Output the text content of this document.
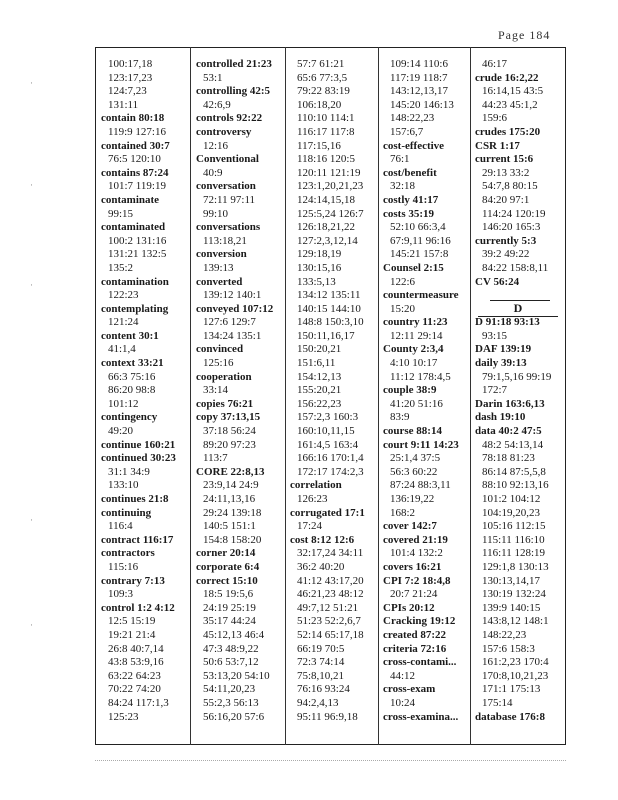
Page 184
100:17,18
123:17,23
124:7,23
131:11
contain 80:18
119:9 127:16
contained 30:7
76:5 120:10
contains 87:24
101:7 119:19
contaminate
99:15
contaminated
100:2 131:16
131:21 132:5
135:2
contamination
122:23
contemplating
121:24
content 30:1
41:1,4
context 33:21
66:3 75:16
86:20 98:8
101:12
contingency
49:20
continue 160:21
continued 30:23
31:1 34:9
133:10
continues 21:8
continuing
116:4
contract 116:17
contractors
115:16
contrary 7:13
109:3
control 1:2 4:12
12:5 15:19
19:21 21:4
26:8 40:7,14
43:8 53:9,16
63:22 64:23
70:22 74:20
84:24 117:1,3
125:23
controlled 21:23
53:1
controlling 42:5
42:6,9
controls 92:22
controversy
12:16
Conventional
40:9
conversation
72:11 97:11
99:10
conversations
113:18,21
conversion
139:13
converted
139:12 140:1
conveyed 107:12
127:6 129:7
134:24 135:1
convinced
125:16
cooperation
33:14
copies 76:21
copy 37:13,15
37:18 56:24
89:20 97:23
113:7
CORE 22:8,13
23:9,14 24:9
24:11,13,16
29:24 139:18
140:5 151:1
154:8 158:20
corner 20:14
corporate 6:4
correct 15:10
18:5 19:5,6
24:19 25:19
35:17 44:24
45:12,13 46:4
47:3 48:9,22
50:6 53:7,12
53:13,20 54:10
54:11,20,23
55:2,3 56:13
56:16,20 57:6
57:7 61:21
65:6 77:3,5
79:22 83:19
106:18,20
110:10 114:1
116:17 117:8
117:15,16
118:16 120:5
120:11 121:19
123:1,20,21,23
124:14,15,18
125:5,24 126:7
126:18,21,22
127:2,3,12,14
129:18,19
130:15,16
133:5,13
134:12 135:11
140:15 144:10
148:8 150:3,10
150:11,16,17
150:20,21
151:6,11
154:12,13
155:20,21
156:22,23
157:2,3 160:3
160:10,11,15
161:4,5 163:4
166:16 170:1,4
172:17 174:2,3
correlation
126:23
corrugated 17:1
17:24
cost 8:12 12:6
32:17,24 34:11
36:2 40:20
41:12 43:17,20
46:21,23 48:12
49:7,12 51:21
51:23 52:2,6,7
52:14 65:17,18
66:19 70:5
72:3 74:14
75:8,10,21
76:16 93:24
94:2,4,13
95:11 96:9,18
109:14 110:6
117:19 118:7
143:12,13,17
145:20 146:13
148:22,23
157:6,7
cost-effective
76:1
cost/benefit
32:18
costly 41:17
costs 35:19
52:10 66:3,4
67:9,11 96:16
145:21 157:8
Counsel 2:15
122:6
countermeasure
15:20
country 11:23
12:11 29:14
County 2:3,4
4:10 10:17
11:12 178:4,5
couple 38:9
41:20 51:16
83:9
course 88:14
court 9:11 14:23
25:1,4 37:5
56:3 60:22
87:24 88:3,11
136:19,22
168:2
cover 142:7
covered 21:19
101:4 132:2
covers 16:21
CPI 7:2 18:4,8
20:7 21:24
CPIs 20:12
Cracking 19:12
created 87:22
criteria 72:16
cross-contami...
44:12
cross-exam
10:24
cross-examina...
46:17
crude 16:2,22
16:14,15 43:5
44:23 45:1,2
159:6
crudes 175:20
CSR 1:17
current 15:6
29:13 33:2
54:7,8 80:15
84:20 97:1
114:24 120:19
146:20 165:3
currently 5:3
39:2 49:22
84:22 158:8,11
CV 56:24
D 91:18 93:13
93:15
DAF 139:19
daily 39:13
79:1,5,16 99:19
172:7
Darin 163:6,13
dash 19:10
data 40:2 47:5
48:2 54:13,14
78:18 81:23
86:14 87:5,5,8
88:10 92:13,16
101:2 104:12
104:19,20,23
105:16 112:15
115:11 116:10
116:11 128:19
129:1,8 130:13
130:13,14,17
130:19 132:24
139:9 140:15
143:8,12 148:1
148:22,23
157:6 158:3
161:2,23 170:4
170:8,10,21,23
171:1 175:13
175:14
database 176:8
D
·
·
·
·
·
